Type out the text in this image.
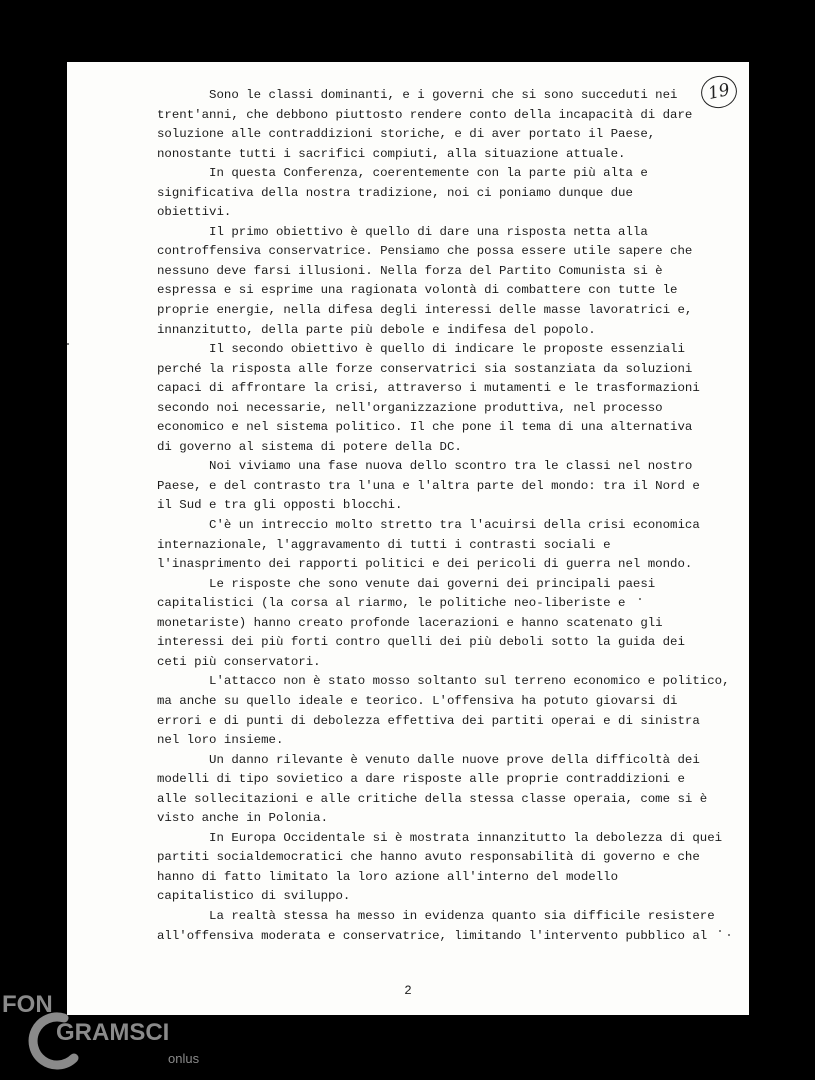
19
Sono le classi dominanti, e i governi che si sono succeduti nei
trent'anni, che debbono piuttosto rendere conto della incapacità di dare
soluzione alle contraddizioni storiche, e di aver portato il Paese,
nonostante tutti i sacrifici compiuti, alla situazione attuale.
In questa Conferenza, coerentemente con la parte più alta e
significativa della nostra tradizione, noi ci poniamo dunque due
obiettivi.
Il primo obiettivo è quello di dare una risposta netta alla
controffensiva conservatrice. Pensiamo che possa essere utile sapere che
nessuno deve farsi illusioni. Nella forza del Partito Comunista si è
espressa e si esprime una ragionata volontà di combattere con tutte le
proprie energie, nella difesa degli interessi delle masse lavoratrici e,
innanzitutto, della parte più debole e indifesa del popolo.
Il secondo obiettivo è quello di indicare le proposte essenziali
perché la risposta alle forze conservatrici sia sostanziata da soluzioni
capaci di affrontare la crisi, attraverso i mutamenti e le trasformazioni
secondo noi necessarie, nell'organizzazione produttiva, nel processo
economico e nel sistema politico. Il che pone il tema di una alternativa
di governo al sistema di potere della DC.
Noi viviamo una fase nuova dello scontro tra le classi nel nostro
Paese, e del contrasto tra l'una e l'altra parte del mondo: tra il Nord e
il Sud e tra gli opposti blocchi.
C'è un intreccio molto stretto tra l'acuirsi della crisi economica
internazionale, l'aggravamento di tutti i contrasti sociali e
l'inasprimento dei rapporti politici e dei pericoli di guerra nel mondo.
Le risposte che sono venute dai governi dei principali paesi
capitalistici (la corsa al riarmo, le politiche neo-liberiste e
monetariste) hanno creato profonde lacerazioni e hanno scatenato gli
interessi dei più forti contro quelli dei più deboli sotto la guida dei
ceti più conservatori.
L'attacco non è stato mosso soltanto sul terreno economico e politico,
ma anche su quello ideale e teorico. L'offensiva ha potuto giovarsi di
errori e di punti di debolezza effettiva dei partiti operai e di sinistra
nel loro insieme.
Un danno rilevante è venuto dalle nuove prove della difficoltà dei
modelli di tipo sovietico a dare risposte alle proprie contraddizioni e
alle sollecitazioni e alle critiche della stessa classe operaia, come si è
visto anche in Polonia.
In Europa Occidentale si è mostrata innanzitutto la debolezza di quei
partiti socialdemocratici che hanno avuto responsabilità di governo e che
hanno di fatto limitato la loro azione all'interno del modello
capitalistico di sviluppo.
La realtà stessa ha messo in evidenza quanto sia difficile resistere
all'offensiva moderata e conservatrice, limitando l'intervento pubblico al
2
FON
GRAMSCI
onlus
